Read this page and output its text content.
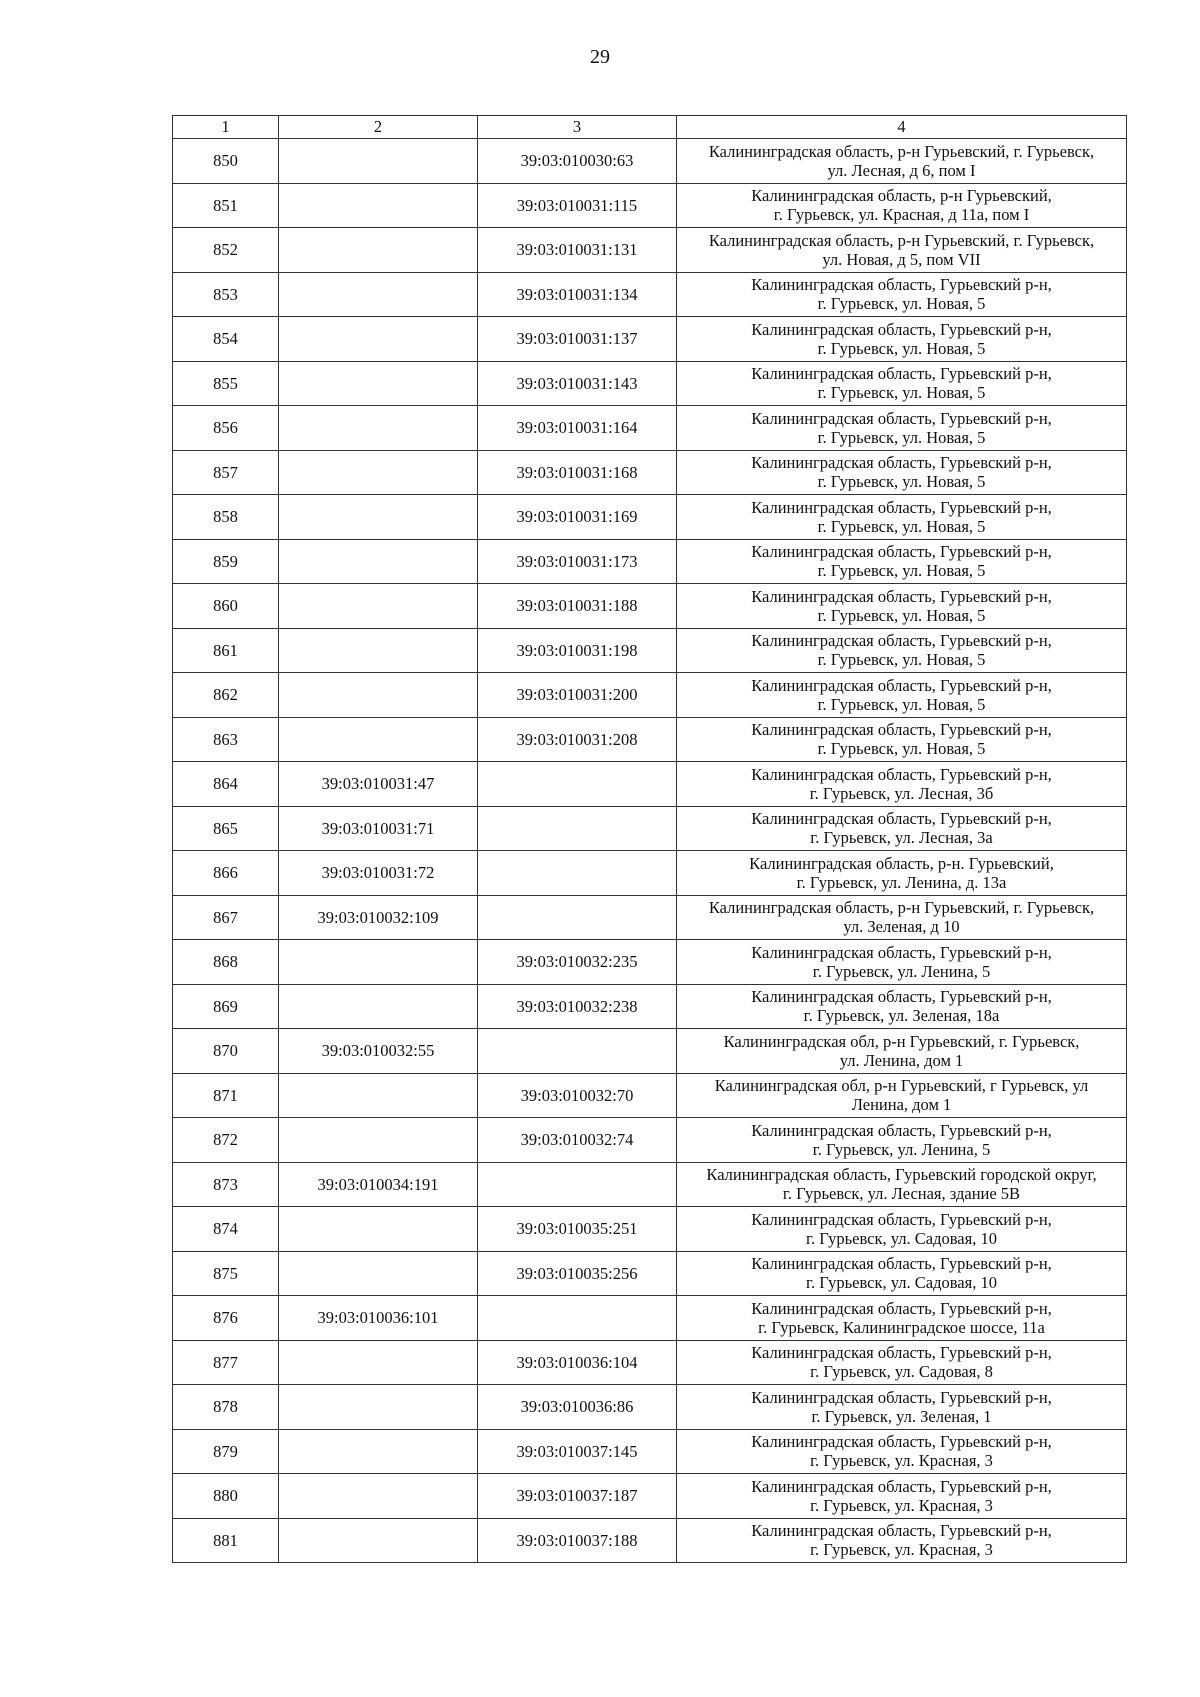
29
1	2	3	4
850		39:03:010030:63	Калининградская область, р-н Гурьевский, г. Гурьевск,
ул. Лесная, д 6, пом I

851		39:03:010031:115	Калининградская область, р-н Гурьевский,
г. Гурьевск, ул. Красная, д 11а, пом I

852		39:03:010031:131	Калининградская область, р-н Гурьевский, г. Гурьевск,
ул. Новая, д 5, пом VII

853		39:03:010031:134	Калининградская область, Гурьевский р-н,
г. Гурьевск, ул. Новая, 5

854		39:03:010031:137	Калининградская область, Гурьевский р-н,
г. Гурьевск, ул. Новая, 5

855		39:03:010031:143	Калининградская область, Гурьевский р-н,
г. Гурьевск, ул. Новая, 5

856		39:03:010031:164	Калининградская область, Гурьевский р-н,
г. Гурьевск, ул. Новая, 5

857		39:03:010031:168	Калининградская область, Гурьевский р-н,
г. Гурьевск, ул. Новая, 5

858		39:03:010031:169	Калининградская область, Гурьевский р-н,
г. Гурьевск, ул. Новая, 5

859		39:03:010031:173	Калининградская область, Гурьевский р-н,
г. Гурьевск, ул. Новая, 5

860		39:03:010031:188	Калининградская область, Гурьевский р-н,
г. Гурьевск, ул. Новая, 5

861		39:03:010031:198	Калининградская область, Гурьевский р-н,
г. Гурьевск, ул. Новая, 5

862		39:03:010031:200	Калининградская область, Гурьевский р-н,
г. Гурьевск, ул. Новая, 5

863		39:03:010031:208	Калининградская область, Гурьевский р-н,
г. Гурьевск, ул. Новая, 5

864	39:03:010031:47		Калининградская область, Гурьевский р-н,
г. Гурьевск, ул. Лесная, 3б

865	39:03:010031:71		Калининградская область, Гурьевский р-н,
г. Гурьевск, ул. Лесная, 3а

866	39:03:010031:72		Калининградская область, р-н. Гурьевский,
г. Гурьевск, ул. Ленина, д. 13а

867	39:03:010032:109		Калининградская область, р-н Гурьевский, г. Гурьевск,
ул. Зеленая, д 10

868		39:03:010032:235	Калининградская область, Гурьевский р-н,
г. Гурьевск, ул. Ленина, 5

869		39:03:010032:238	Калининградская область, Гурьевский р-н,
г. Гурьевск, ул. Зеленая, 18а

870	39:03:010032:55		Калининградская обл, р-н Гурьевский, г. Гурьевск,
ул. Ленина, дом 1

871		39:03:010032:70	Калининградская обл, р-н Гурьевский, г Гурьевск, ул
Ленина, дом 1

872		39:03:010032:74	Калининградская область, Гурьевский р-н,
г. Гурьевск, ул. Ленина, 5

873	39:03:010034:191		Калининградская область, Гурьевский городской округ,
г. Гурьевск, ул. Лесная, здание 5В

874		39:03:010035:251	Калининградская область, Гурьевский р-н,
г. Гурьевск, ул. Садовая, 10

875		39:03:010035:256	Калининградская область, Гурьевский р-н,
г. Гурьевск, ул. Садовая, 10

876	39:03:010036:101		Калининградская область, Гурьевский р-н,
г. Гурьевск, Калининградское шоссе, 11а

877		39:03:010036:104	Калининградская область, Гурьевский р-н,
г. Гурьевск, ул. Садовая, 8

878		39:03:010036:86	Калининградская область, Гурьевский р-н,
г. Гурьевск, ул. Зеленая, 1

879		39:03:010037:145	Калининградская область, Гурьевский р-н,
г. Гурьевск, ул. Красная, 3

880		39:03:010037:187	Калининградская область, Гурьевский р-н,
г. Гурьевск, ул. Красная, 3

881		39:03:010037:188	Калининградская область, Гурьевский р-н,
г. Гурьевск, ул. Красная, 3
